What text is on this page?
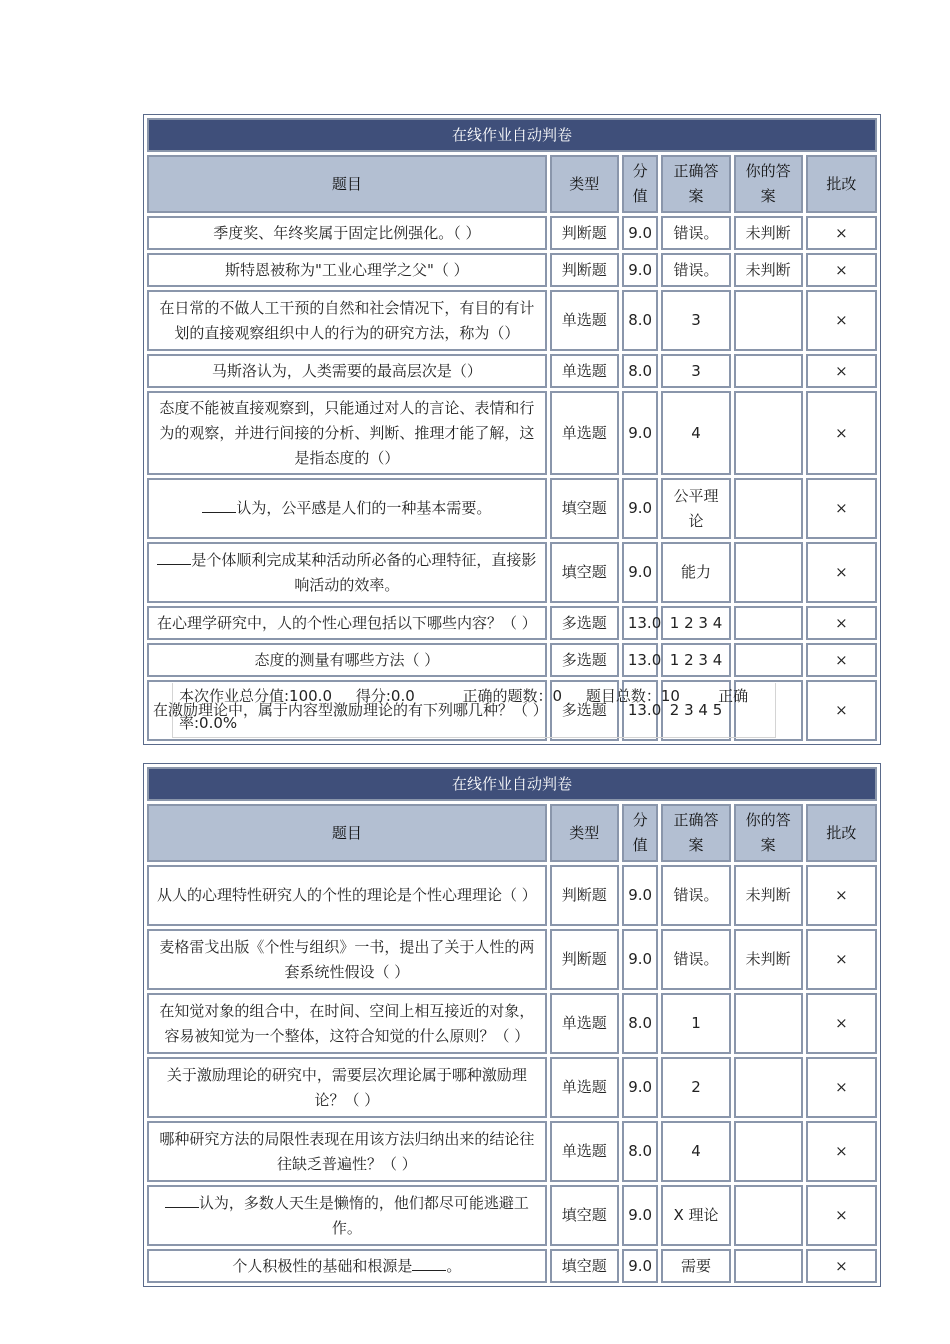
在线作业自动判卷					
题目	类型	分值	正确答案	你的答案	批改
季度奖、年终奖属于固定比例强化。（ ）	判断题	9.0	错误。	未判断	×
斯特恩被称为"工业心理学之父"（ ）	判断题	9.0	错误。	未判断	×
在日常的不做人工干预的自然和社会情况下，有目的有计划的直接观察组织中人的行为的研究方法，称为（）	单选题	8.0	3		×
马斯洛认为，人类需要的最高层次是（）	单选题	8.0	3		×
态度不能被直接观察到，只能通过对人的言论、表情和行为的观察，并进行间接的分析、判断、推理才能了解，这是指态度的（）	单选题	9.0	4		×
认为，公平感是人们的一种基本需要。	填空题	9.0	公平理论		×
是个体顺利完成某种活动所必备的心理特征，直接影响活动的效率。	填空题	9.0	能力		×
在心理学研究中，人的个性心理包括以下哪些内容？（ ）	多选题	13.0	1 2 3 4		×
态度的测量有哪些方法（ ）	多选题	13.0	1 2 3 4		×
在激励理论中，属于内容型激励理论的有下列哪几种？（ ）	多选题	13.0	2 3 4 5		×
本次作业总分值:100.0 得分:0.0	正确的题数：0 题目总数：10	正确率:0.0%
在线作业自动判卷					
题目	类型	分值	正确答案	你的答案	批改
从人的心理特性研究人的个性的理论是个性心理理论（ ）	判断题	9.0	错误。	未判断	×
麦格雷戈出版《个性与组织》一书，提出了关于人性的两套系统性假设（ ）	判断题	9.0	错误。	未判断	×
在知觉对象的组合中，在时间、空间上相互接近的对象，容易被知觉为一个整体，这符合知觉的什么原则？（ ）	单选题	8.0	1		×
关于激励理论的研究中，需要层次理论属于哪种激励理论？（ ）	单选题	9.0	2		×
哪种研究方法的局限性表现在用该方法归纳出来的结论往往缺乏普遍性？（ ）	单选题	8.0	4		×
认为，多数人天生是懒惰的，他们都尽可能逃避工作。	填空题	9.0	X 理论		×
个人积极性的基础和根源是 。	填空题	9.0	需要		×
